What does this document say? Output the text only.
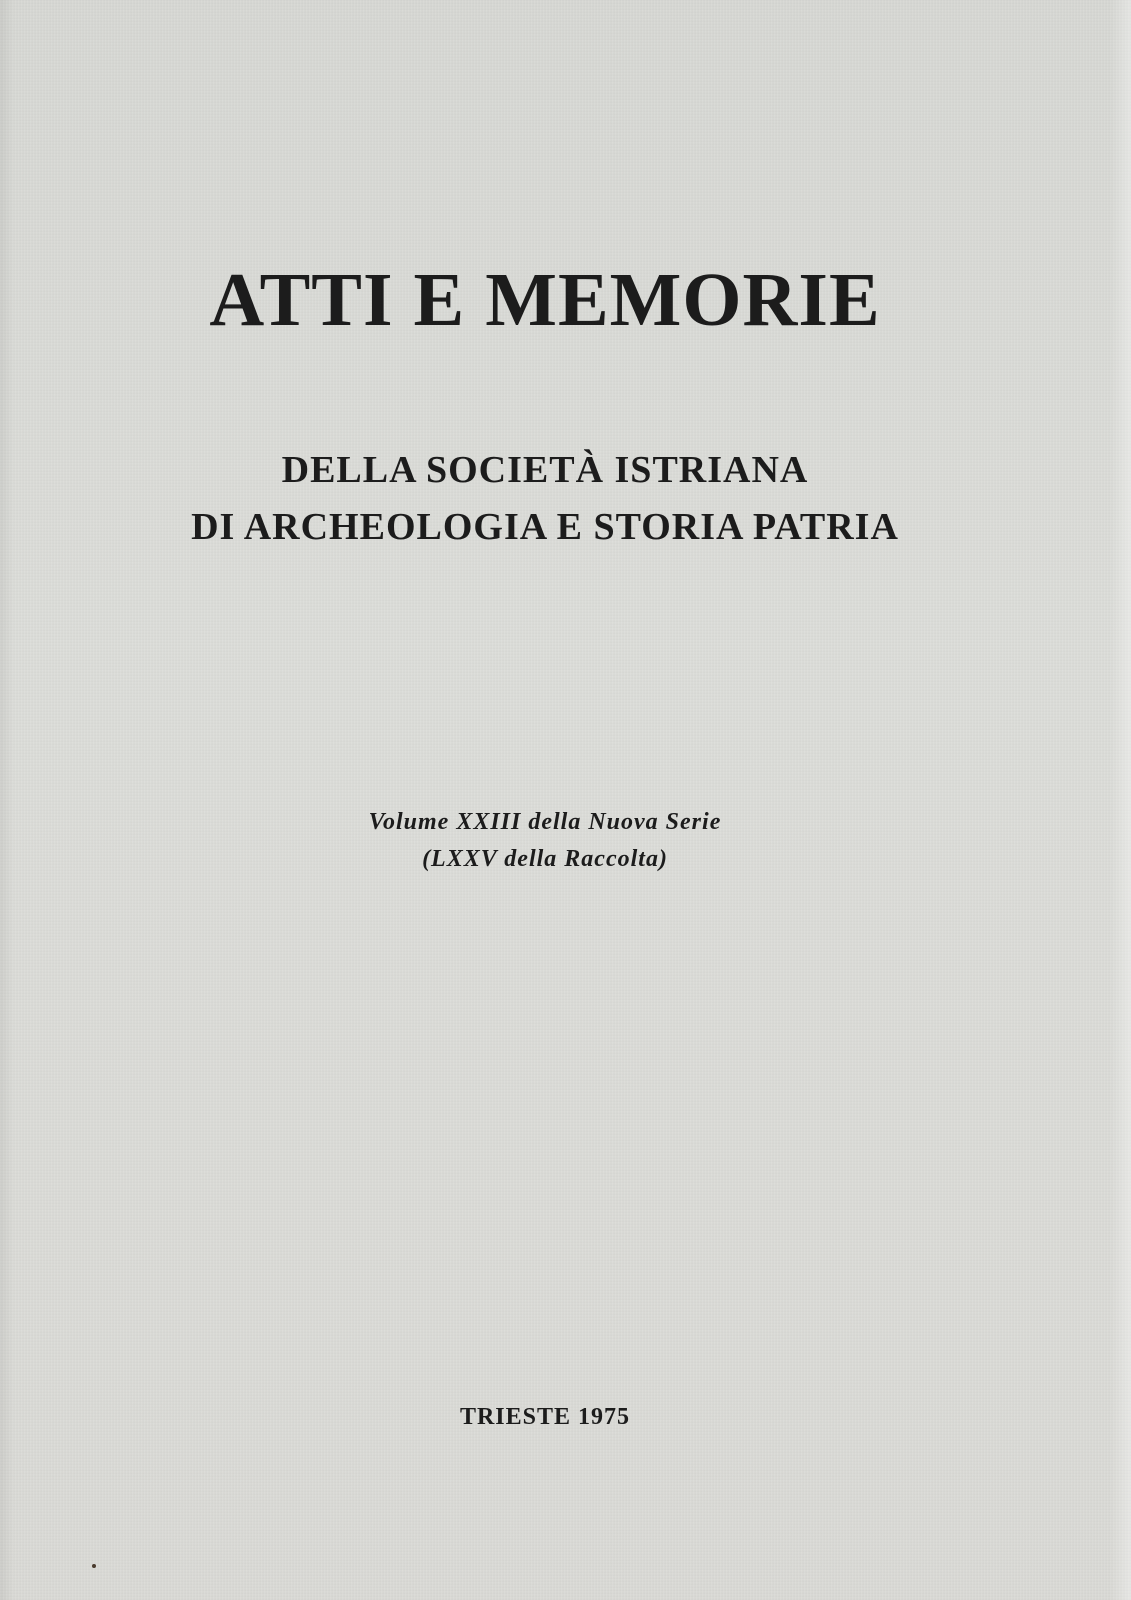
ATTI E MEMORIE
DELLA SOCIETÀ ISTRIANA
DI ARCHEOLOGIA E STORIA PATRIA
Volume XXIII della Nuova Serie
(LXXV della Raccolta)
TRIESTE 1975
